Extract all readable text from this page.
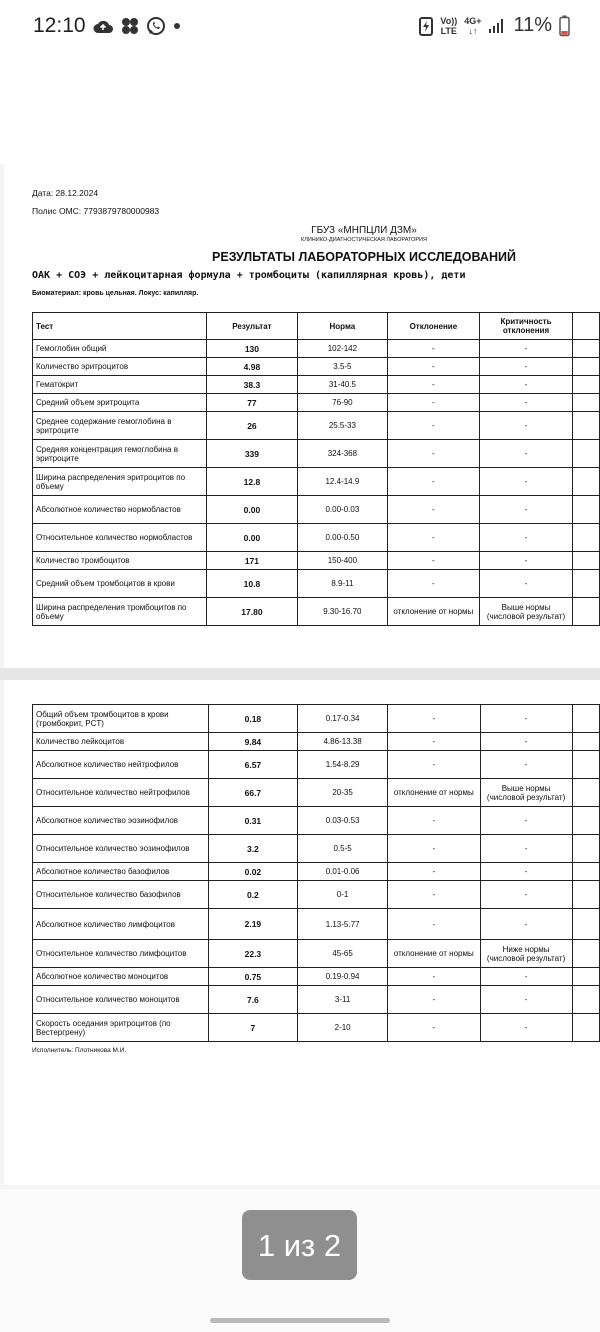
12:10	Vo))
LTE
4G+
↓↑ 11%
Дата: 28.12.2024
Полис ОМС: 7793879780000983
ГБУЗ «МНПЦЛИ ДЗМ»
КЛИНИКО-ДИАГНОСТИЧЕСКАЯ ЛАБОРАТОРИЯ
РЕЗУЛЬТАТЫ ЛАБОРАТОРНЫХ ИССЛЕДОВАНИЙ
ОАК + СОЭ + лейкоцитарная формула + тромбоциты (капиллярная кровь), дети
Биоматериал: кровь цельная. Локус: капилляр.
Тест	Результат	Норма	Отклонение	Критичность отклонения	
Гемоглобин общий	130	102-142	-	-	
Количество эритроцитов	4.98	3.5-5	-	-	
Гематокрит	38.3	31-40.5	-	-	
Средний объем эритроцита	77	76-90	-	-	
Среднее содержание гемоглобина в эритроците	26	25.5-33	-	-	
Средняя концентрация гемоглобина в эритроците	339	324-368	-	-	
Ширина распределения эритроцитов по объему	12.8	12.4-14.9	-	-	
Абсолютное количество нормобластов	0.00	0.00-0.03	-	-	
Относительное количество нормобластов	0.00	0.00-0.50	-	-	
Количество тромбоцитов	171	150-400	-	-	
Средний объем тромбоцитов в крови	10.8	8.9-11	-	-	
Ширина распределения тромбоцитов по объему	17.80	9.30-16.70	отклонение от нормы	Выше нормы (числовой результат)	
Общий объем тромбоцитов в крови (тромбокрит, PCT)	0.18	0.17-0.34	-	-	
Количество лейкоцитов	9.84	4.86-13.38	-	-	
Абсолютное количество нейтрофилов	6.57	1.54-8.29	-	-	
Относительное количество нейтрофилов	66.7	20-35	отклонение от нормы	Выше нормы (числовой результат)	
Абсолютное количество эозинофилов	0.31	0.03-0.53	-	-	
Относительное количество эозинофилов	3.2	0.5-5	-	-	
Абсолютное количество базофилов	0.02	0.01-0.06	-	-	
Относительное количество базофилов	0.2	0-1	-	-	
Абсолютное количество лимфоцитов	2.19	1.13-5.77	-	-	
Относительное количество лимфоцитов	22.3	45-65	отклонение от нормы	Ниже нормы (числовой результат)	
Абсолютное количество моноцитов	0.75	0.19-0.94	-	-	
Относительное количество моноцитов	7.6	3-11	-	-	
Скорость оседания эритроцитов (по Вестергрену)	7	2-10	-	-	
Исполнитель: Плотникова М.И.
1 из 2
